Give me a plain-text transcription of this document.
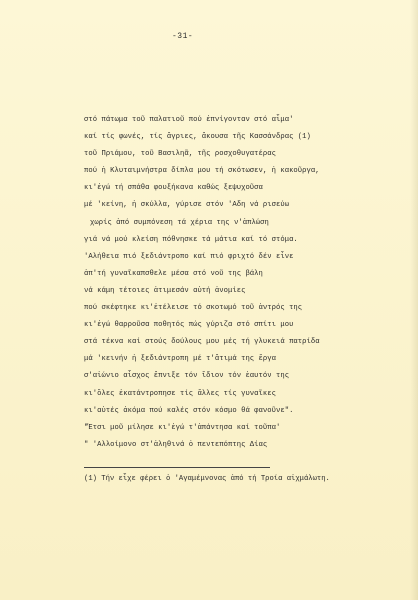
-31-
στό πάτωμα τοῦ παλατιοῦ πού ἐπνίγονταν στό αἷμα'
καί τίς φωνές, τίς ἄγριες, ἄκουσα τῆς Κασσάνδρας (1)
τοῦ Πριάμου, τοῦ Βασιληᾶ, τῆς ροσχοθυγατέρας
πού ἡ Κλυταιμνήστρα δίπλα μου τή σκότωσεν, ἡ κακοῦργα,
κι'ἐγώ τή σπάθα φουξήκανα καθώς ξεψυχοῦσα
μέ 'κείνη, ἡ σκύλλα, γύρισε στόν 'Αδη νά ρισεύω
χωρίς ἀπό συμπόνεση τά χέρια της ν'ἁπλώση
γιά νά μού κλείση πόθνησκε τά μάτια καί τό στόμα.
'Αλήθεια πιό ξεδιάντροπο καί πιό φριχτό δέν εἶνε
ἀπ'τή γυναῖκαπσθελε μέσα στό νοῦ της βάλη
νά κάμη τέτοιες ἀτιμεσάν αὐτή ἀνομίες
πού σκέφτηκε κι'ἐτέλεισε τό σκοτωμό τοῦ ἀντρός της
κι'ἐγώ θαρροῦσα ποθητός πώς γύριζα στό σπίτι μου
στά τέκνα καί στούς δούλους μου μές τή γλυκειά πατρίδα
μά 'κεινήν ἡ ξεδιάντροπη μέ τ'ἄτιμά της ἔργα
σ'αἰώνιο αἶσχος ἔπνιξε τόν ἴδιον τόν ἑαυτόν της
κι'ὅλες ἐκατάντροπησε τίς ἄλλες τίς γυναῖκες
κι'αὐτές ἀκόμα πού καλές στόν κόσμο θά φανοῦνε".
"Ἔτσι μοῦ μίλησε κι'ἐγώ τ'ἀπάντησα καί τοῦπα'
" 'Αλλοίμονο στ'ἀληθινά ὁ πεντεπόπτης Δίας
(1) Τήν εἶχε φέρει ὁ 'Αγαμέμνονας ἀπό τή Τροία αἰχμάλωτη.
